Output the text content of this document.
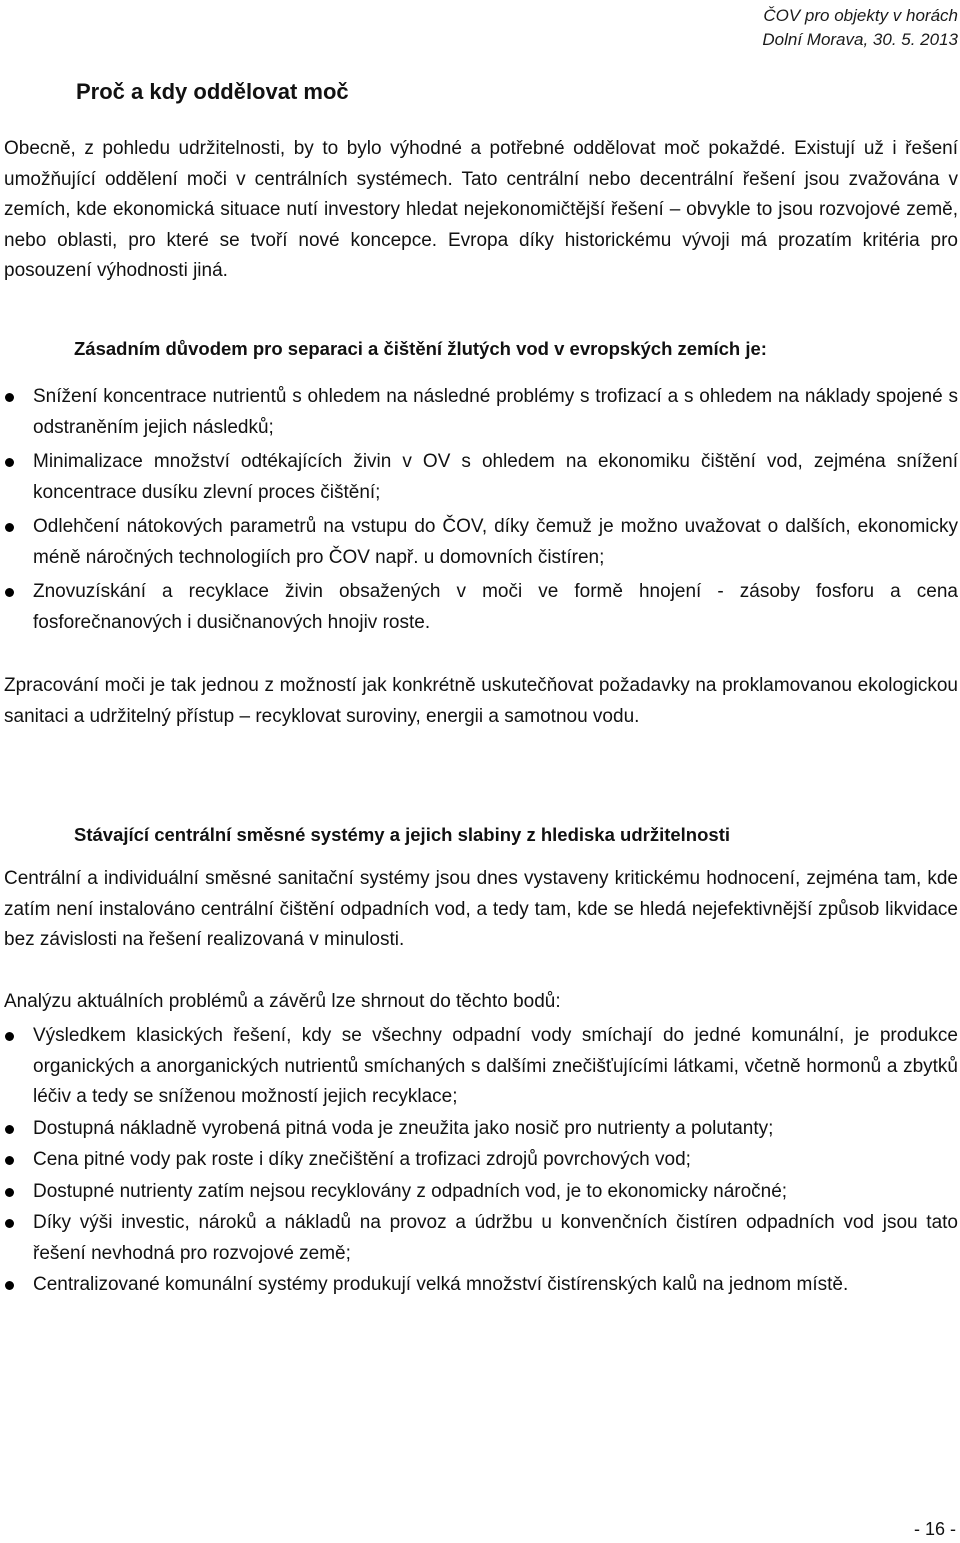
ČOV pro objekty v horách
Dolní Morava, 30. 5. 2013
Proč a kdy oddělovat moč

Obecně, z pohledu udržitelnosti, by to bylo výhodné a potřebné oddělovat moč pokaždé. Existují už i řešení umožňující oddělení moči v centrálních systémech. Tato centrální nebo decentrální řešení jsou zvažována v zemích, kde ekonomická situace nutí investory hledat nejekonomičtější řešení – obvykle to jsou rozvojové země, nebo oblasti, pro které se tvoří nové koncepce. Evropa díky historickému vývoji má prozatím kritéria pro posouzení výhodnosti jiná.

Zásadním důvodem pro separaci a čištění žlutých vod v evropských zemích je:
Snížení koncentrace nutrientů s ohledem na následné problémy s trofizací a s ohledem na náklady spojené s odstraněním jejich následků;
Minimalizace množství odtékajících živin v OV s ohledem na ekonomiku čištění vod, zejména snížení koncentrace dusíku zlevní proces čištění;
Odlehčení nátokových parametrů na vstupu do ČOV, díky čemuž je možno uvažovat o dalších, ekonomicky méně náročných technologiích pro ČOV např. u domovních čistíren;
Znovuzískání a recyklace živin obsažených v moči ve formě hnojení - zásoby fosforu a cena fosforečnanových i dusičnanových hnojiv roste.

Zpracování moči je tak jednou z možností jak konkrétně uskutečňovat požadavky na proklamovanou ekologickou sanitaci a udržitelný přístup – recyklovat suroviny, energii a samotnou vodu.

Stávající centrální směsné systémy a jejich slabiny z hlediska udržitelnosti

Centrální a individuální směsné sanitační systémy jsou dnes vystaveny kritickému hodnocení, zejména tam, kde zatím není instalováno centrální čištění odpadních vod, a tedy tam, kde se hledá nejefektivnější způsob likvidace bez závislosti na řešení realizovaná v minulosti.

Analýzu aktuálních problémů a závěrů lze shrnout do těchto bodů:

Výsledkem klasických řešení, kdy se všechny odpadní vody smíchají do jedné komunální, je produkce organických a anorganických nutrientů smíchaných s dalšími znečišťujícími látkami, včetně hormonů a zbytků léčiv a tedy se sníženou možností jejich recyklace;
Dostupná nákladně vyrobená pitná voda je zneužita jako nosič pro nutrienty a polutanty;
Cena pitné vody pak roste i díky znečištění a trofizaci zdrojů povrchových vod;
Dostupné nutrienty zatím nejsou recyklovány z odpadních vod, je to ekonomicky náročné;
Díky výši investic, nároků a nákladů na provoz a údržbu u konvenčních čistíren odpadních vod jsou tato řešení nevhodná pro rozvojové země;
Centralizované komunální systémy produkují velká množství čistírenských kalů na jednom místě.
- 16 -
